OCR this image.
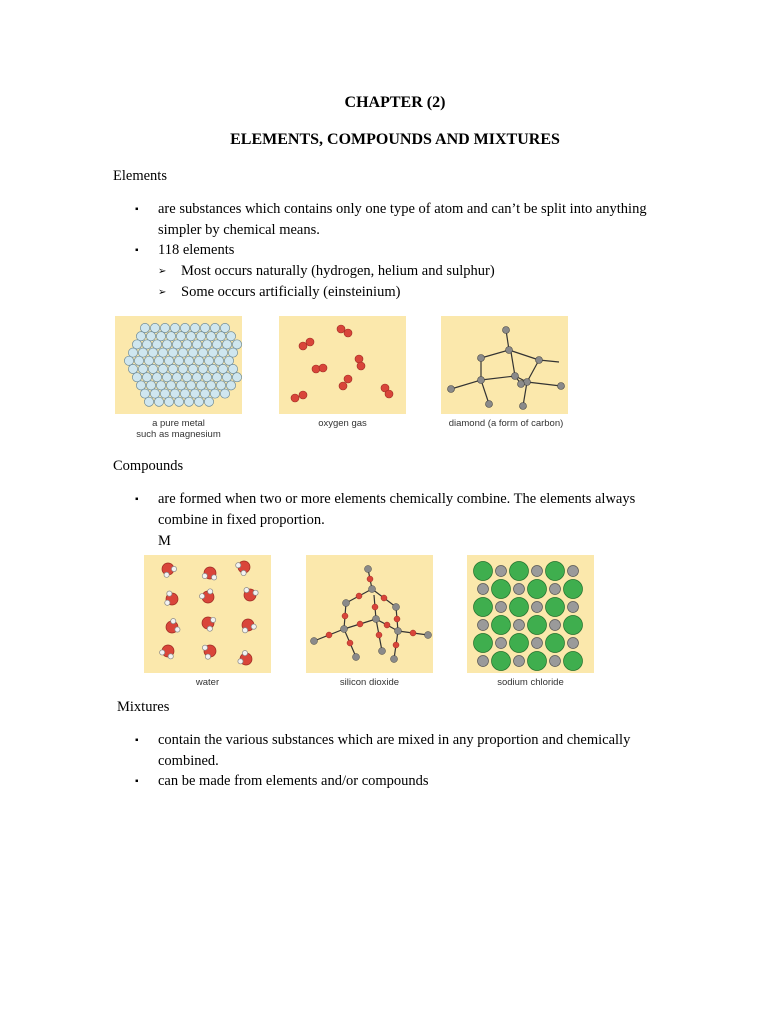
CHAPTER (2)
ELEMENTS, COMPOUNDS AND MIXTURES
Elements
▪ are substances which contains only one type of atom and can’t be split into anything
simpler by chemical means.
▪ 118 elements
➢ Most occurs naturally (hydrogen, helium and sulphur)
➢ Some occurs artificially (einsteinium)
a pure metal
such as magnesium
oxygen gas	diamond (a form of carbon)
Compounds
▪ are formed when two or more elements chemically combine. The elements always
combine in fixed proportion.
M
water	silicon dioxide	sodium chloride
Mixtures
▪ contain the various substances which are mixed in any proportion and chemically
combined.
▪ can be made from elements and/or compounds
